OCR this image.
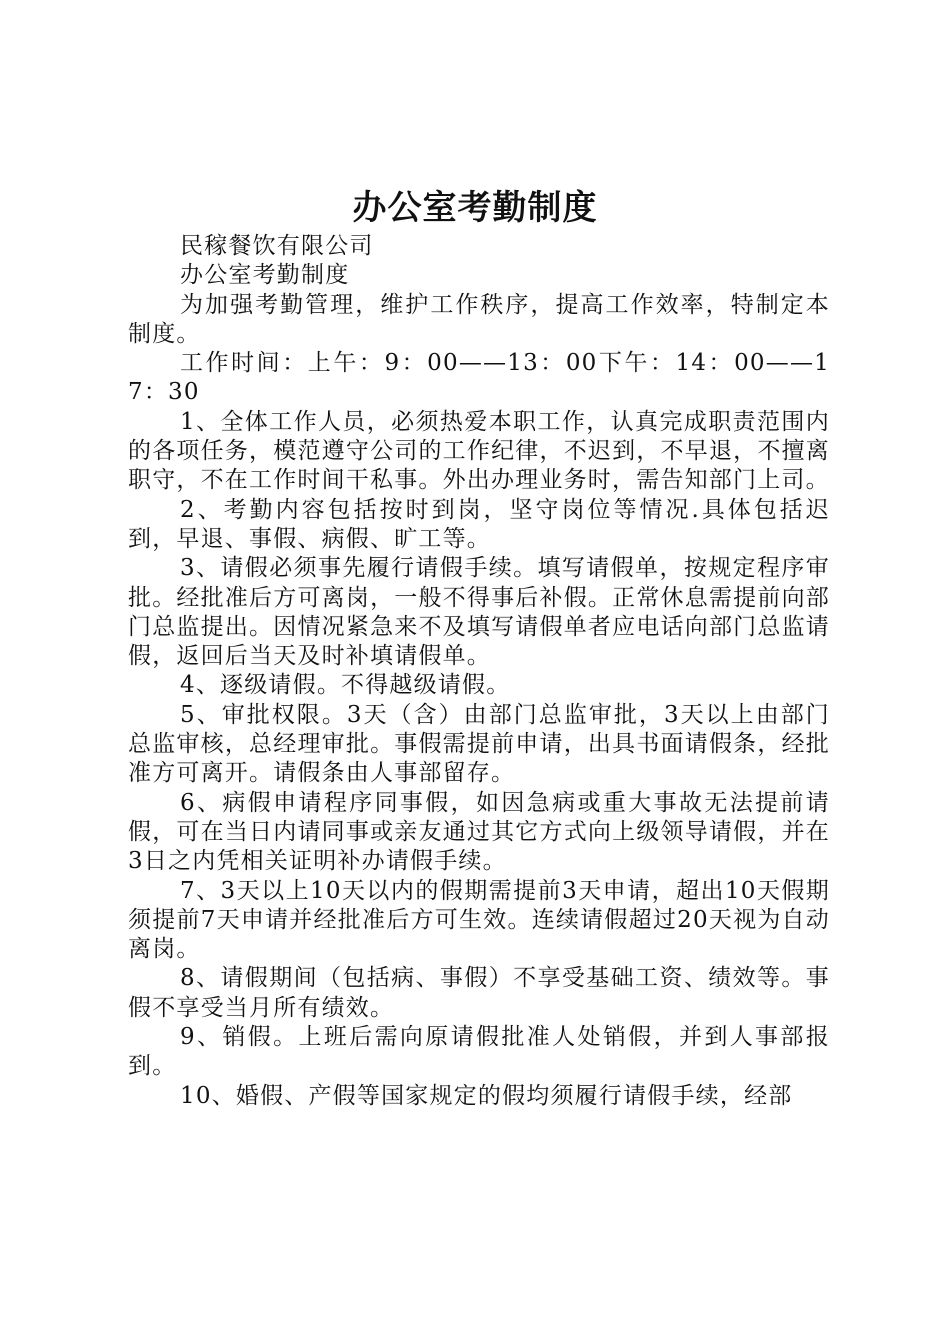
办公室考勤制度

民稼餐饮有限公司

办公室考勤制度

为加强考勤管理，维护工作秩序，提高工作效率，特制定本制度。

工作时间：上午：9：00——13：00下午：14：00——17：30

1、全体工作人员，必须热爱本职工作，认真完成职责范围内的各项任务，模范遵守公司的工作纪律，不迟到，不早退，不擅离职守，不在工作时间干私事。外出办理业务时，需告知部门上司。

2、考勤内容包括按时到岗，坚守岗位等情况.具体包括迟到，早退、事假、病假、旷工等。

3、请假必须事先履行请假手续。填写请假单，按规定程序审批。经批准后方可离岗，一般不得事后补假。正常休息需提前向部门总监提出。因情况紧急来不及填写请假单者应电话向部门总监请假，返回后当天及时补填请假单。

4、逐级请假。不得越级请假。

5、审批权限。3天（含）由部门总监审批，3天以上由部门总监审核，总经理审批。事假需提前申请，出具书面请假条，经批准方可离开。请假条由人事部留存。

6、病假申请程序同事假，如因急病或重大事故无法提前请假，可在当日内请同事或亲友通过其它方式向上级领导请假，并在3日之内凭相关证明补办请假手续。

7、3天以上10天以内的假期需提前3天申请，超出10天假期须提前7天申请并经批准后方可生效。连续请假超过20天视为自动离岗。

8、请假期间（包括病、事假）不享受基础工资、绩效等。事假不享受当月所有绩效。

9、销假。上班后需向原请假批准人处销假，并到人事部报到。

10、婚假、产假等国家规定的假均须履行请假手续，经部
